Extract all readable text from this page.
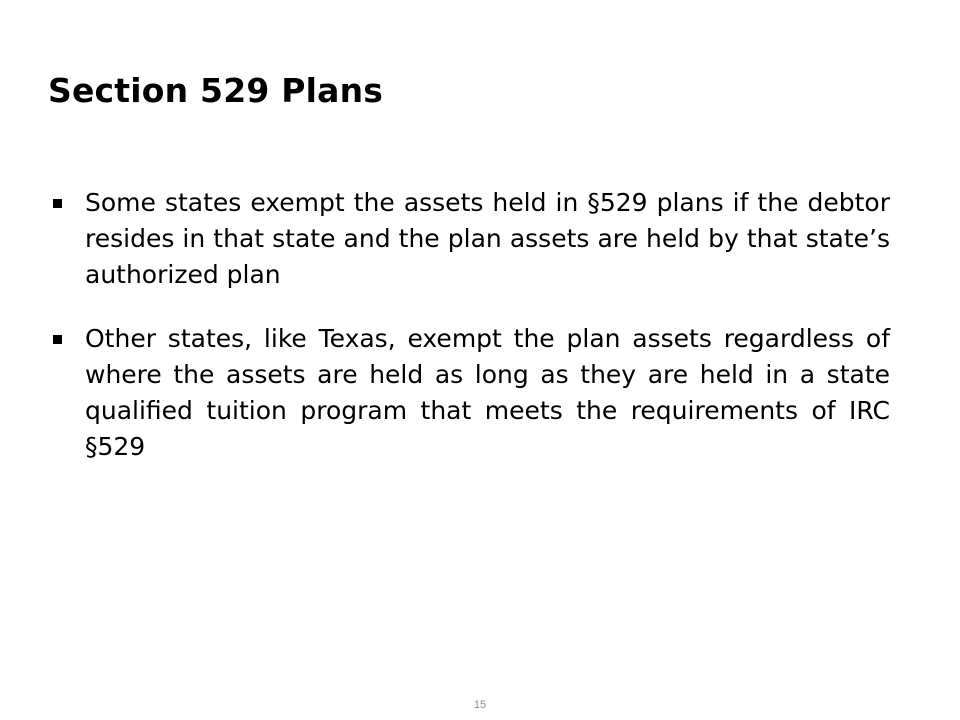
Section 529 Plans
Some states exempt the assets held in §529 plans if the debtor resides in that state and the plan assets are held by that state’s authorized plan
Other states, like Texas, exempt the plan assets regardless of where the assets are held as long as they are held in a state qualified tuition program that meets the requirements of IRC §529
15
